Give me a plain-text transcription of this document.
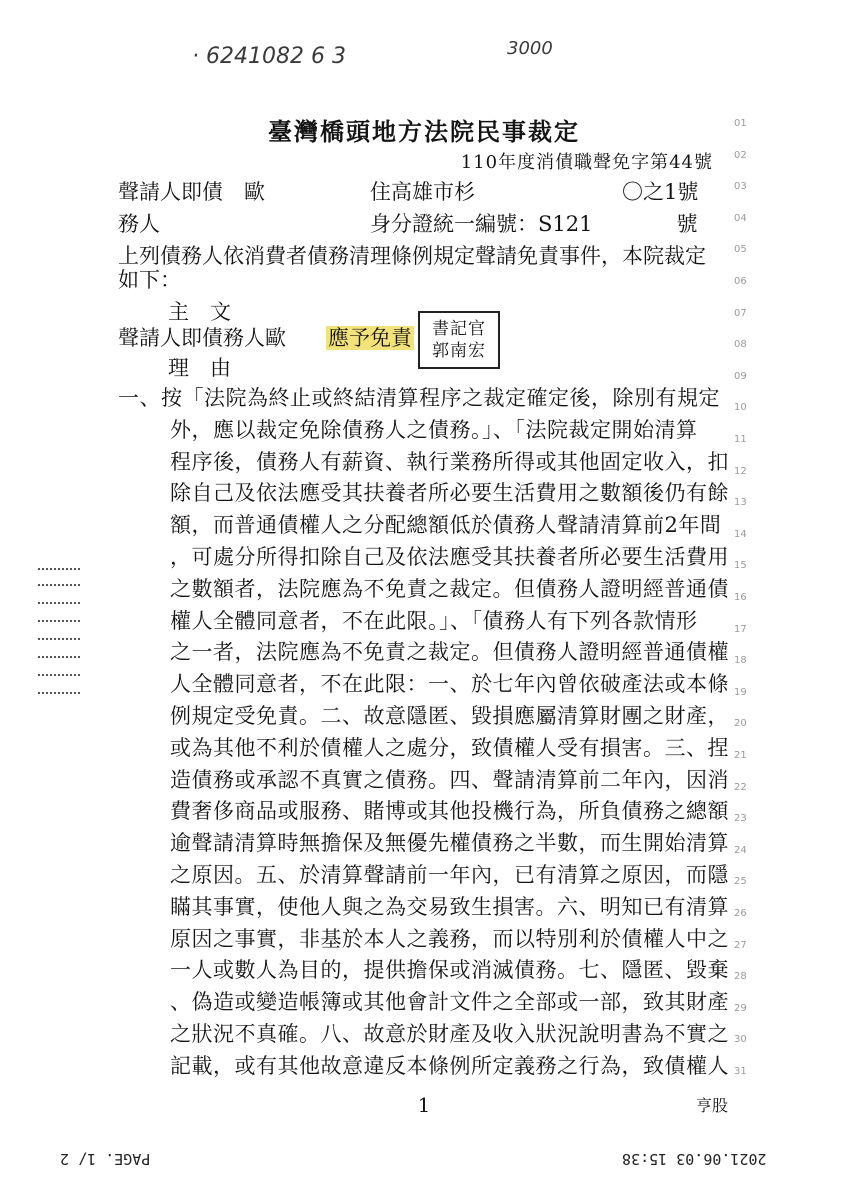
· 6241082 6 3	3000
臺灣橋頭地方法院民事裁定
110年度消債職聲免字第44號
聲請人即債　歐　　　　　住高雄市杉　　　　　　　〇之1號
務人　　　　　　　　　　身分證統一編號：S121　　　　號
上列債務人依消費者債務清理條例規定聲請免責事件，本院裁定
如下：
主　文
聲請人即債務人歐 應予免責	書記官
郭南宏
理　由
一、按「法院為終止或終結清算程序之裁定確定後，除別有規定
外，應以裁定免除債務人之債務。」、「法院裁定開始清算
程序後，債務人有薪資、執行業務所得或其他固定收入，扣
除自己及依法應受其扶養者所必要生活費用之數額後仍有餘
額，而普通債權人之分配總額低於債務人聲請清算前2年間
，可處分所得扣除自己及依法應受其扶養者所必要生活費用
之數額者，法院應為不免責之裁定。但債務人證明經普通債
權人全體同意者，不在此限。」、「債務人有下列各款情形
之一者，法院應為不免責之裁定。但債務人證明經普通債權
人全體同意者，不在此限：一、於七年內曾依破產法或本條
例規定受免責。二、故意隱匿、毀損應屬清算財團之財產，
或為其他不利於債權人之處分，致債權人受有損害。三、捏
造債務或承認不真實之債務。四、聲請清算前二年內，因消
費奢侈商品或服務、賭博或其他投機行為，所負債務之總額
逾聲請清算時無擔保及無優先權債務之半數，而生開始清算
之原因。五、於清算聲請前一年內，已有清算之原因，而隱
瞞其事實，使他人與之為交易致生損害。六、明知已有清算
原因之事實，非基於本人之義務，而以特別利於債權人中之
一人或數人為目的，提供擔保或消滅債務。七、隱匿、毀棄
、偽造或變造帳簿或其他會計文件之全部或一部，致其財產
之狀況不真確。八、故意於財產及收入狀況說明書為不實之
記載，或有其他故意違反本條例所定義務之行為，致債權人
01
02
03
04
05
06
07
08
09
10
11
12
13
14
15
16
17
18
19
20
21
22
23
24
25
26
27
28
29
30
31
1	亨股
PAGE. 1/ 2	2021.06.03 15:38
